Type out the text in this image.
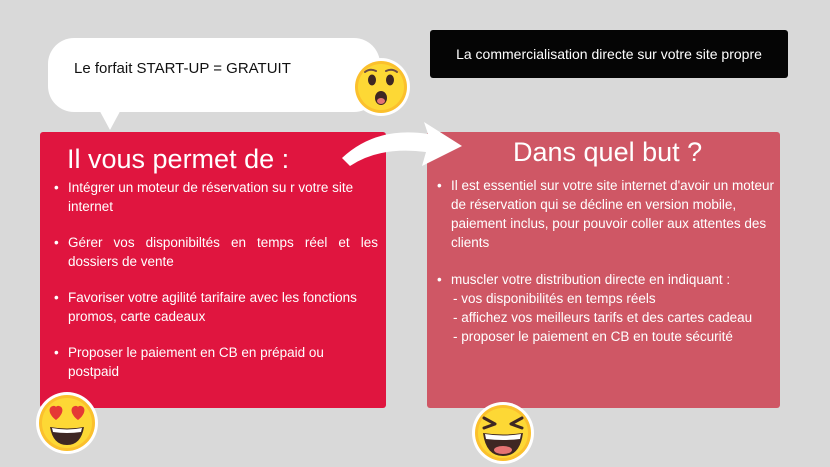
Le forfait START-UP = GRATUIT
La commercialisation directe sur votre site propre
Il vous permet de :
• Intégrer un moteur de réservation su r votre site internet
• Gérer vos disponibiltés en temps réel et les dossiers de vente
• Favoriser votre agilité tarifaire avec les fonctions promos, carte cadeaux
• Proposer le paiement en CB en prépaid ou postpaid
Dans quel but ?
• Il est essentiel sur votre site internet d'avoir un moteur de réservation qui se décline en version mobile, paiement inclus, pour pouvoir coller aux attentes des clients
• muscler votre distribution directe en indiquant :
- vos disponibilités en temps réels
- affichez vos meilleurs tarifs et des cartes cadeau
- proposer le paiement en CB en toute sécurité
